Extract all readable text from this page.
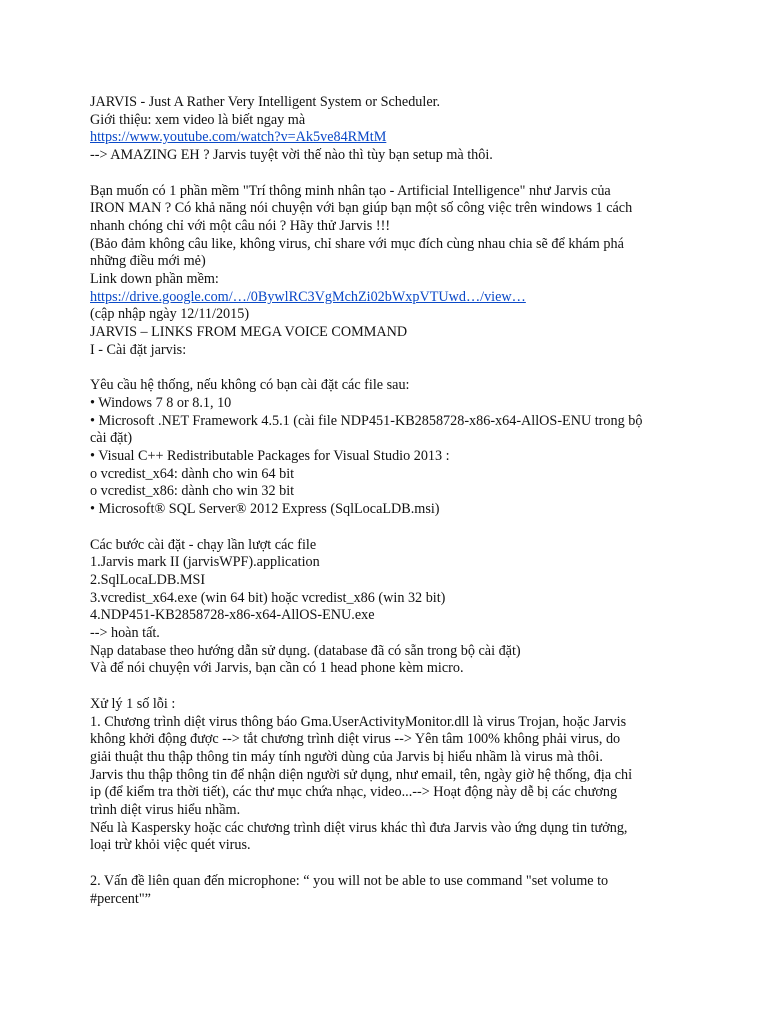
JARVIS - Just A Rather Very Intelligent System or Scheduler.
Giới thiệu: xem video là biết ngay mà
https://www.youtube.com/watch?v=Ak5ve84RMtM
--> AMAZING EH ? Jarvis tuyệt vời thế nào thì tùy bạn setup mà thôi.
Bạn muốn có 1 phần mềm "Trí thông minh nhân tạo - Artificial Intelligence" như Jarvis của
IRON MAN ? Có khả năng nói chuyện với bạn giúp bạn một số công việc trên windows 1 cách
nhanh chóng chỉ với một câu nói ? Hãy thử Jarvis !!!
(Bảo đảm không câu like, không virus, chỉ share với mục đích cùng nhau chia sẽ để khám phá
những điều mới mẻ)
Link down phần mềm:
https://drive.google.com/…/0BywlRC3VgMchZi02bWxpVTUwd…/view…
(cập nhập ngày 12/11/2015)
JARVIS – LINKS FROM MEGA VOICE COMMAND
I - Cài đặt jarvis:
Yêu cầu hệ thống, nếu không có bạn cài đặt các file sau:
• Windows 7 8 or 8.1, 10
• Microsoft .NET Framework 4.5.1 (cài file NDP451-KB2858728-x86-x64-AllOS-ENU trong bộ
cài đặt)
• Visual C++ Redistributable Packages for Visual Studio 2013 :
o vcredist_x64: dành cho win 64 bit
o vcredist_x86: dành cho win 32 bit
• Microsoft® SQL Server® 2012 Express (SqlLocaLDB.msi)
Các bước cài đặt - chạy lần lượt các file
1.Jarvis mark II (jarvisWPF).application
2.SqlLocaLDB.MSI
3.vcredist_x64.exe (win 64 bit) hoặc vcredist_x86 (win 32 bit)
4.NDP451-KB2858728-x86-x64-AllOS-ENU.exe
--> hoàn tất.
Nạp database theo hướng dẫn sử dụng. (database đã có sẵn trong bộ cài đặt)
Và để nói chuyện với Jarvis, bạn cần có 1 head phone kèm micro.
Xử lý 1 số lỗi :
1. Chương trình diệt virus thông báo Gma.UserActivityMonitor.dll là virus Trojan, hoặc Jarvis
không khởi động được --> tắt chương trình diệt virus --> Yên tâm 100% không phải virus, do
giải thuật thu thập thông tin máy tính người dùng của Jarvis bị hiểu nhầm là virus mà thôi.
Jarvis thu thập thông tin để nhận diện người sử dụng, như email, tên, ngày giờ hệ thống, địa chỉ
ip (để kiểm tra thời tiết), các thư mục chứa nhạc, video...--> Hoạt động này dễ bị các chương
trình diệt virus hiểu nhầm.
Nếu là Kaspersky hoặc các chương trình diệt virus khác thì đưa Jarvis vào ứng dụng tin tưởng,
loại trừ khỏi việc quét virus.
2. Vấn đề liên quan đến microphone: “ you will not be able to use command "set volume to
#percent"”
